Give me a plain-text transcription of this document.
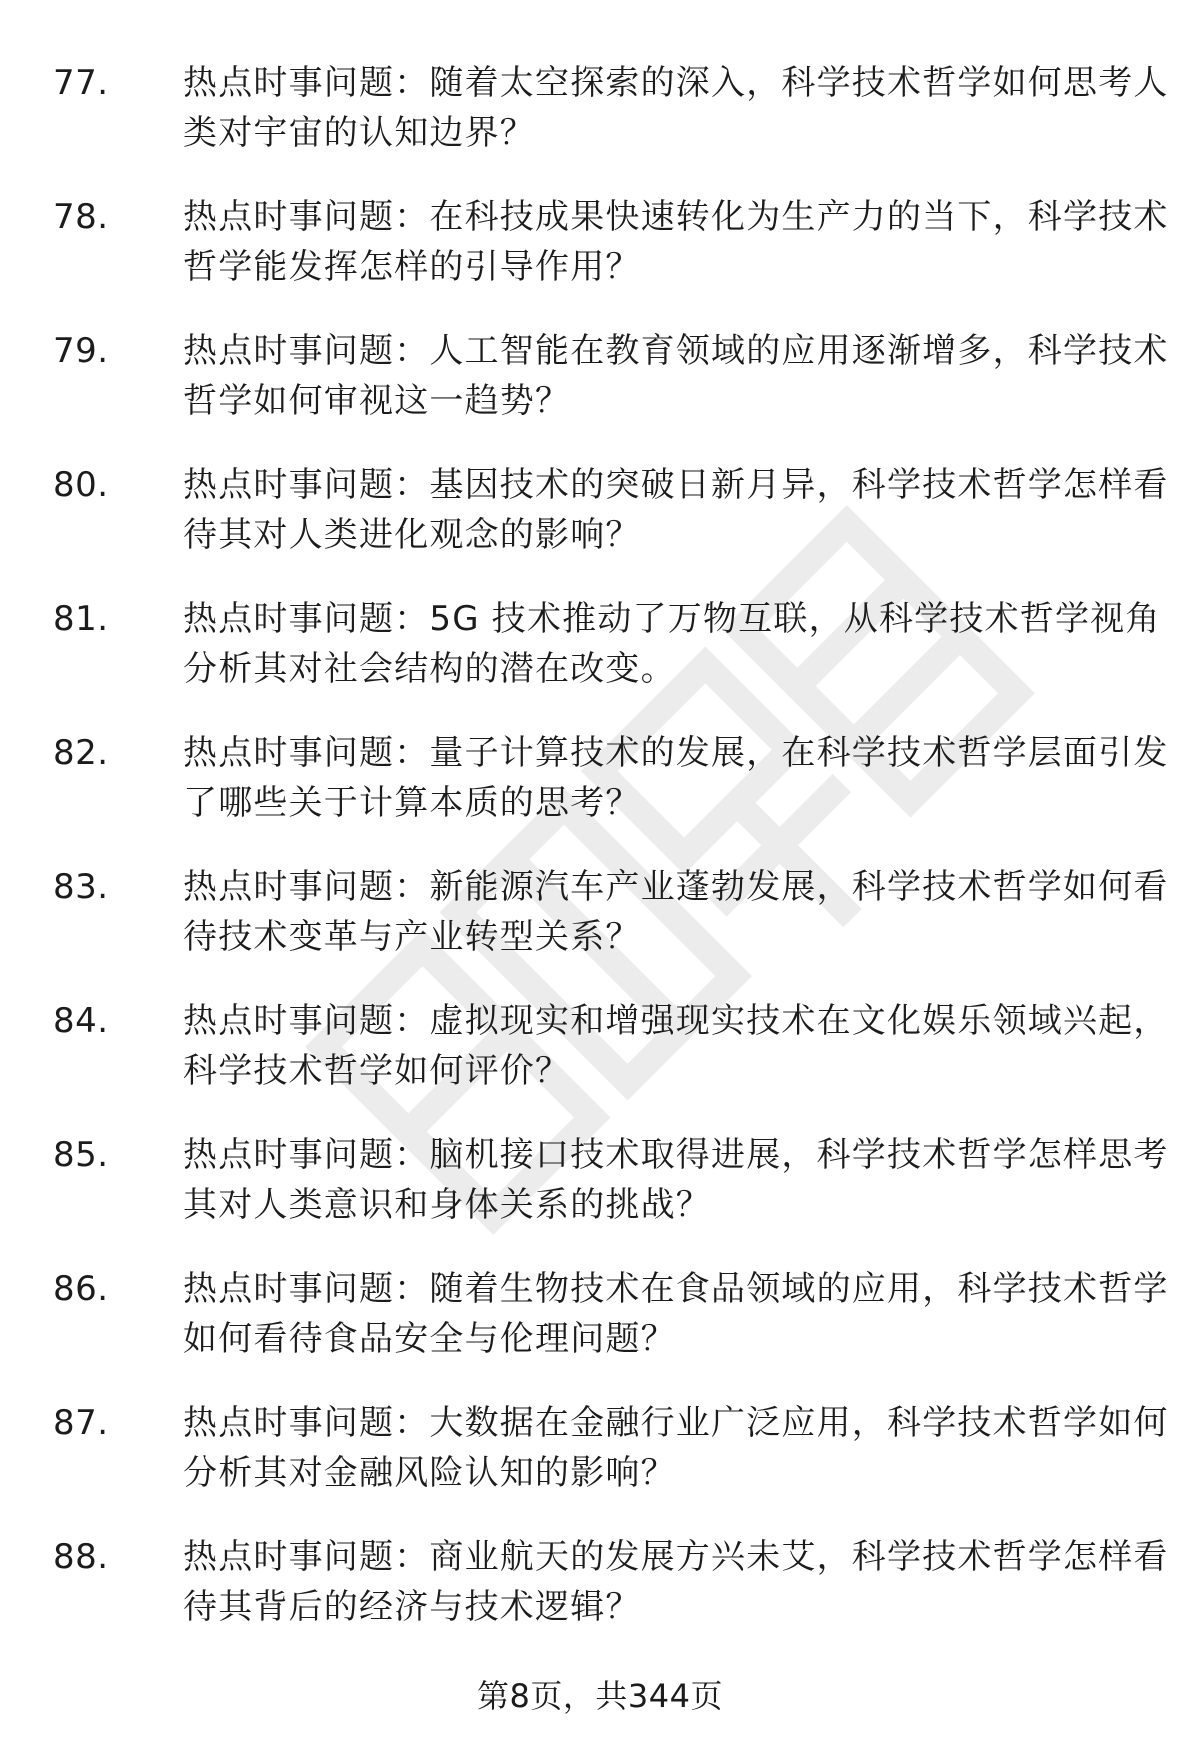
77.	热点时事问题：随着太空探索的深入，科学技术哲学如何思考人类对宇宙的认知边界？
78.	热点时事问题：在科技成果快速转化为生产力的当下，科学技术哲学能发挥怎样的引导作用？
79.	热点时事问题：人工智能在教育领域的应用逐渐增多，科学技术哲学如何审视这一趋势？
80.	热点时事问题：基因技术的突破日新月异，科学技术哲学怎样看待其对人类进化观念的影响？
81.	热点时事问题：5G 技术推动了万物互联，从科学技术哲学视角分析其对社会结构的潜在改变。
82.	热点时事问题：量子计算技术的发展，在科学技术哲学层面引发了哪些关于计算本质的思考？
83.	热点时事问题：新能源汽车产业蓬勃发展，科学技术哲学如何看待技术变革与产业转型关系？
84.	热点时事问题：虚拟现实和增强现实技术在文化娱乐领域兴起，科学技术哲学如何评价？
85.	热点时事问题：脑机接口技术取得进展，科学技术哲学怎样思考其对人类意识和身体关系的挑战？
86.	热点时事问题：随着生物技术在食品领域的应用，科学技术哲学如何看待食品安全与伦理问题？
87.	热点时事问题：大数据在金融行业广泛应用，科学技术哲学如何分析其对金融风险认知的影响？
88.	热点时事问题：商业航天的发展方兴未艾，科学技术哲学怎样看待其背后的经济与技术逻辑？
第8页，共344页
